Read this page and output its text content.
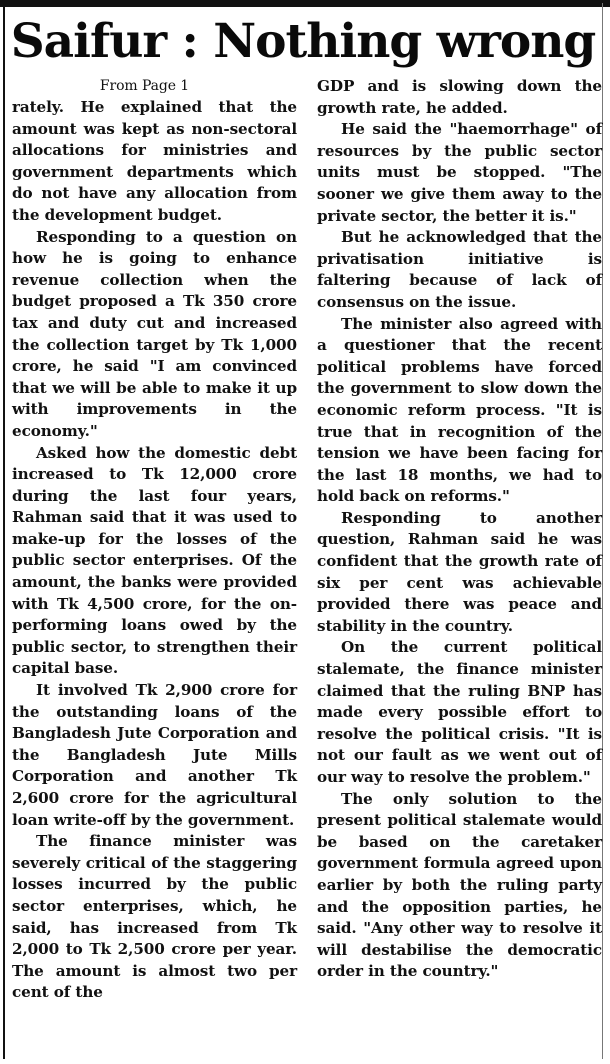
Saifur : Nothing wrong
From Page 1

rately. He explained that the amount was kept as non-sectoral allocations for ministries and government departments which do not have any allocation from the development budget.

Responding to a question on how he is going to enhance revenue collection when the budget proposed a Tk 350 crore tax and duty cut and increased the collection target by Tk 1,000 crore, he said "I am convinced that we will be able to make it up with improvements in the economy."

Asked how the domestic debt increased to Tk 12,000 crore during the last four years, Rahman said that it was used to make-up for the losses of the public sector enterprises. Of the amount, the banks were provided with Tk 4,500 crore, for the on-performing loans owed by the public sector, to strengthen their capital base.

It involved Tk 2,900 crore for the outstanding loans of the Bangladesh Jute Corporation and the Bangladesh Jute Mills Corporation and another Tk 2,600 crore for the agricultural loan write-off by the government.

The finance minister was severely critical of the staggering losses incurred by the public sector enterprises, which, he said, has increased from Tk 2,000 to Tk 2,500 crore per year. The amount is almost two per cent of the

GDP and is slowing down the growth rate, he added.

He said the "haemorrhage" of resources by the public sector units must be stopped. "The sooner we give them away to the private sector, the better it is."

But he acknowledged that the privatisation initiative is faltering because of lack of consensus on the issue.

The minister also agreed with a questioner that the recent political problems have forced the government to slow down the economic reform process. "It is true that in recognition of the tension we have been facing for the last 18 months, we had to hold back on reforms."

Responding to another question, Rahman said he was confident that the growth rate of six per cent was achievable provided there was peace and stability in the country.

On the current political stalemate, the finance minister claimed that the ruling BNP has made every possible effort to resolve the political crisis. "It is not our fault as we went out of our way to resolve the problem."

The only solution to the present political stalemate would be based on the caretaker government formula agreed upon earlier by both the ruling party and the opposition parties, he said. "Any other way to resolve it will destabilise the democratic order in the country."
